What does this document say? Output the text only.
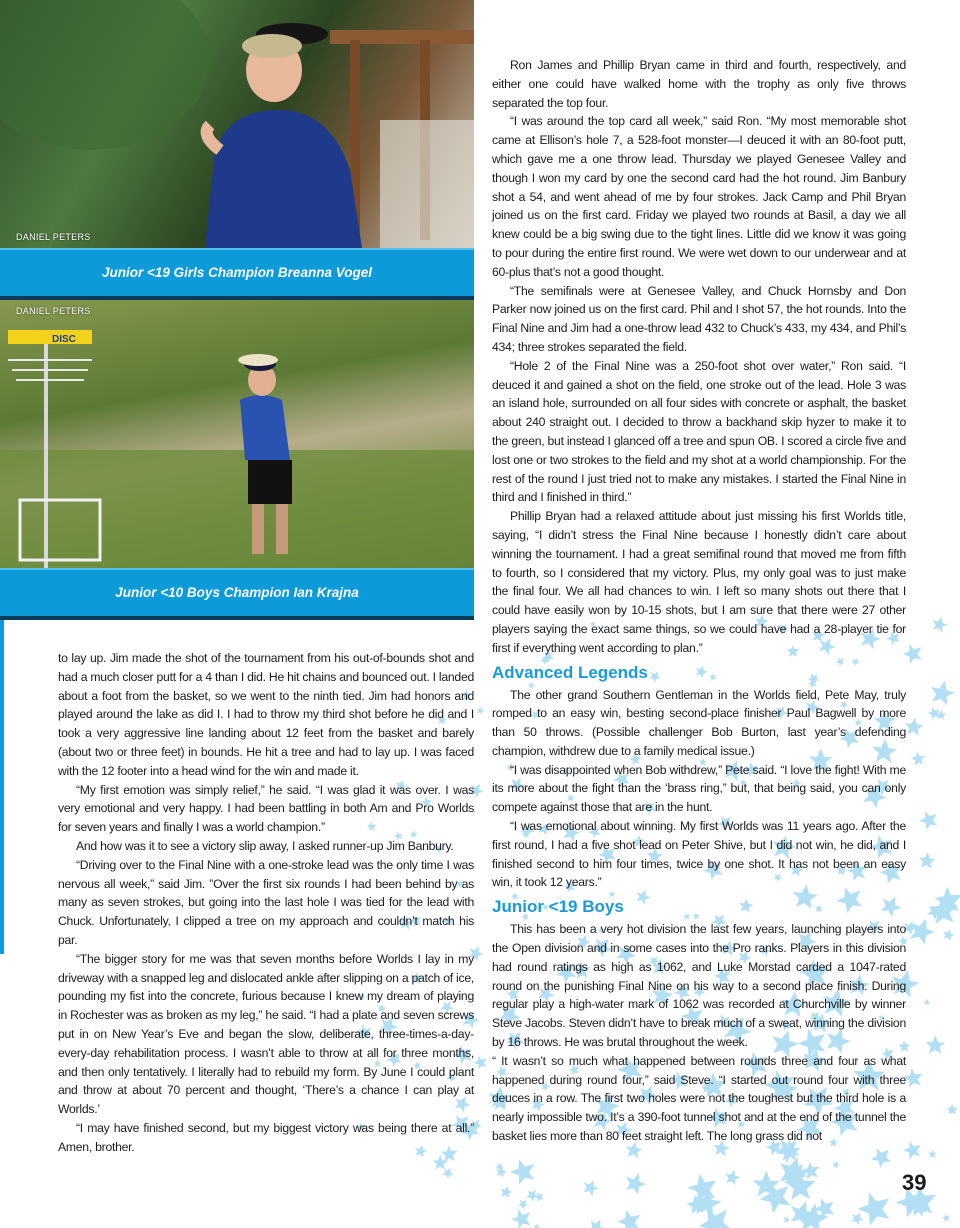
DANIEL PETERS
Junior <19 Girls Champion Breanna Vogel
DISC
DANIEL PETERS
Junior <10 Boys Champion Ian Krajna

to lay up. Jim made the shot of the tournament from his out-of-bounds shot and had a much closer putt for a 4 than I did. He hit chains and bounced out. I landed about a foot from the basket, so we went to the ninth tied. Jim had honors and played around the lake as did I. I had to throw my third shot before he did and I took a very aggressive line landing about 12 feet from the basket and barely (about two or three feet) in bounds. He hit a tree and had to lay up. I was faced with the 12 footer into a head wind for the win and made it.

“My first emotion was simply relief,” he said. “I was glad it was over. I was very emotional and very happy. I had been battling in both Am and Pro Worlds for seven years and finally I was a world champion.”

And how was it to see a victory slip away, I asked runner-up Jim Banbury.

“Driving over to the Final Nine with a one-stroke lead was the only time I was nervous all week,” said Jim. ”Over the first six rounds I had been behind by as many as seven strokes, but going into the last hole I was tied for the lead with Chuck. Unfortunately, I clipped a tree on my approach and couldn’t match his par.

“The bigger story for me was that seven months before Worlds I lay in my driveway with a snapped leg and dislocated ankle after slipping on a patch of ice, pounding my fist into the concrete, furious because I knew my dream of playing in Rochester was as broken as my leg,” he said. “I had a plate and seven screws put in on New Year’s Eve and began the slow, deliberate, three-times-a-day-every-day rehabilitation process. I wasn’t able to throw at all for three months, and then only tentatively. I literally had to rebuild my form. By June I could plant and throw at about 70 percent and thought, ‘There’s a chance I can play at Worlds.’

“I may have finished second, but my biggest victory was being there at all.” Amen, brother.

Ron James and Phillip Bryan came in third and fourth, respectively, and either one could have walked home with the trophy as only five throws separated the top four.

“I was around the top card all week,” said Ron. “My most memorable shot came at Ellison’s hole 7, a 528-foot monster—I deuced it with an 80-foot putt, which gave me a one throw lead. Thursday we played Genesee Valley and though I won my card by one the second card had the hot round. Jim Banbury shot a 54, and went ahead of me by four strokes. Jack Camp and Phil Bryan joined us on the first card. Friday we played two rounds at Basil, a day we all knew could be a big swing due to the tight lines. Little did we know it was going to pour during the entire first round. We were wet down to our underwear and at 60-plus that’s not a good thought.

“The semifinals were at Genesee Valley, and Chuck Hornsby and Don Parker now joined us on the first card. Phil and I shot 57, the hot rounds. Into the Final Nine and Jim had a one-throw lead 432 to Chuck’s 433, my 434, and Phil’s 434; three strokes separated the field.

“Hole 2 of the Final Nine was a 250-foot shot over water,” Ron said. “I deuced it and gained a shot on the field, one stroke out of the lead. Hole 3 was an island hole, surrounded on all four sides with concrete or asphalt, the basket about 240 straight out. I decided to throw a backhand skip hyzer to make it to the green, but instead I glanced off a tree and spun OB. I scored a circle five and lost one or two strokes to the field and my shot at a world championship. For the rest of the round I just tried not to make any mistakes. I started the Final Nine in third and I finished in third.”

Phillip Bryan had a relaxed attitude about just missing his first Worlds title, saying, “I didn’t stress the Final Nine because I honestly didn’t care about winning the tournament. I had a great semifinal round that moved me from fifth to fourth, so I considered that my victory. Plus, my only goal was to just make the final four. We all had chances to win. I left so many shots out there that I could have easily won by 10-15 shots, but I am sure that there were 27 other players saying the exact same things, so we could have had a 28-player tie for first if everything went according to plan.”

Advanced Legends

The other grand Southern Gentleman in the Worlds field, Pete May, truly romped to an easy win, besting second-place finisher Paul Bagwell by more than 50 throws. (Possible challenger Bob Burton, last year’s defending champion, withdrew due to a family medical issue.)

“I was disappointed when Bob withdrew,” Pete said. “I love the fight! With me its more about the fight than the ‘brass ring,” but, that being said, you can only compete against those that are in the hunt.

“I was emotional about winning. My first Worlds was 11 years ago. After the first round, I had a five shot lead on Peter Shive, but I did not win, he did, and I finished second to him four times, twice by one shot. It has not been an easy win, it took 12 years.”

Junior <19 Boys

This has been a very hot division the last few years, launching players into the Open division and in some cases into the Pro ranks. Players in this division had round ratings as high as 1062, and Luke Morstad carded a 1047-rated round on the punishing Final Nine on his way to a second place finish. During regular play a high-water mark of 1062 was recorded at Churchville by winner Steve Jacobs. Steven didn’t have to break much of a sweat, winning the division by 16 throws. He was brutal throughout the week.

“ It wasn’t so much what happened between rounds three and four as what happened during round four,” said Steve. “I started out round four with three deuces in a row. The first two holes were not the toughest but the third hole is a nearly impossible two. It’s a 390-foot tunnel shot and at the end of the tunnel the basket lies more than 80 feet straight left. The long grass did not

39
